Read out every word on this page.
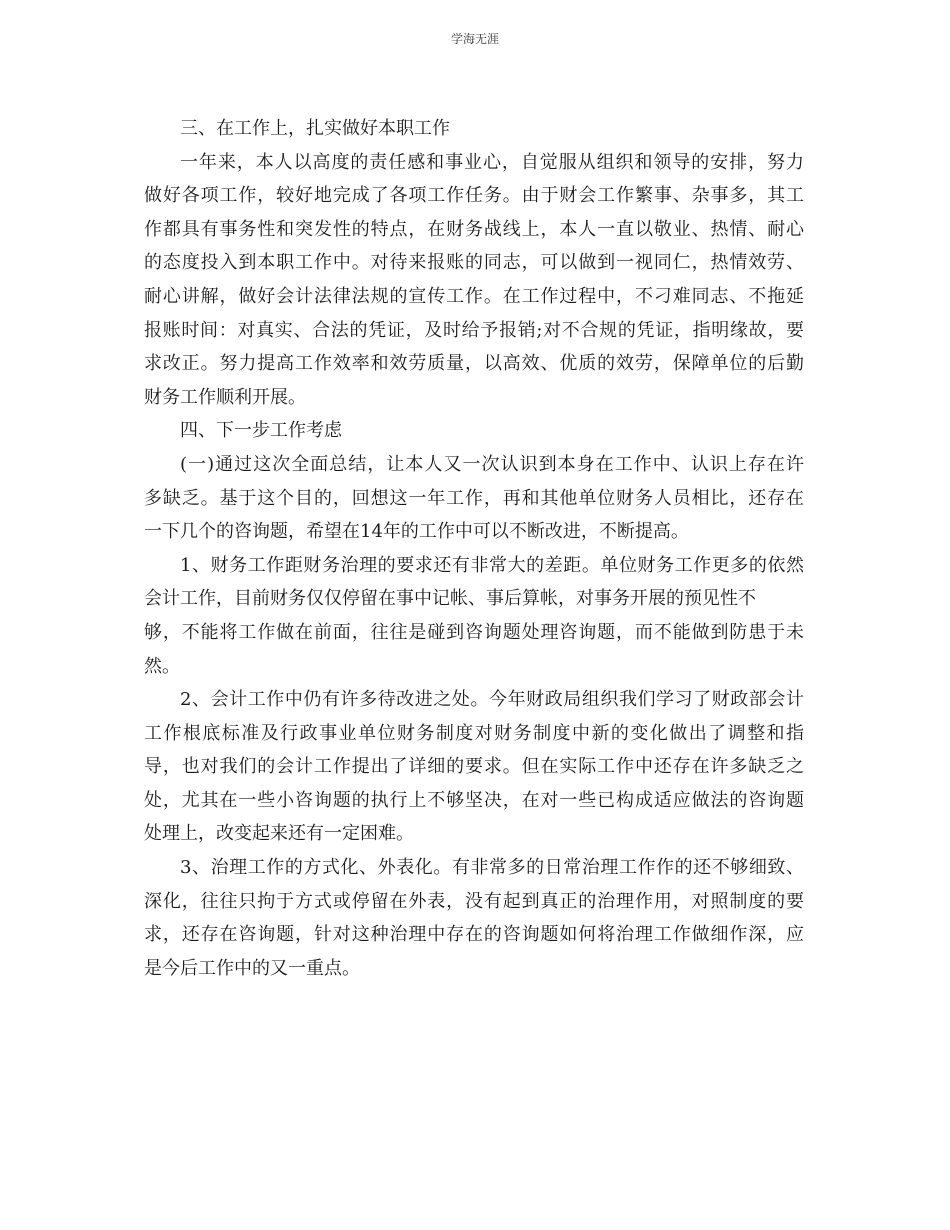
学海无涯
三、在工作上，扎实做好本职工作
一年来，本人以高度的责任感和事业心，自觉服从组织和领导的安排，努力
做好各项工作，较好地完成了各项工作任务。由于财会工作繁事、杂事多，其工
作都具有事务性和突发性的特点，在财务战线上，本人一直以敬业、热情、耐心
的态度投入到本职工作中。对待来报账的同志，可以做到一视同仁，热情效劳、
耐心讲解，做好会计法律法规的宣传工作。在工作过程中，不刁难同志、不拖延
报账时间：对真实、合法的凭证，及时给予报销;对不合规的凭证，指明缘故，要
求改正。努力提高工作效率和效劳质量，以高效、优质的效劳，保障单位的后勤
财务工作顺利开展。
四、下一步工作考虑
(一)通过这次全面总结，让本人又一次认识到本身在工作中、认识上存在许
多缺乏。基于这个目的，回想这一年工作，再和其他单位财务人员相比，还存在
一下几个的咨询题，希望在14年的工作中可以不断改进，不断提高。
1、财务工作距财务治理的要求还有非常大的差距。单位财务工作更多的依然
会计工作，目前财务仅仅停留在事中记帐、事后算帐，对事务开展的预见性不
够，不能将工作做在前面，往往是碰到咨询题处理咨询题，而不能做到防患于未
然。
2、会计工作中仍有许多待改进之处。今年财政局组织我们学习了财政部会计
工作根底标准及行政事业单位财务制度对财务制度中新的变化做出了调整和指
导，也对我们的会计工作提出了详细的要求。但在实际工作中还存在许多缺乏之
处，尤其在一些小咨询题的执行上不够坚决，在对一些已构成适应做法的咨询题
处理上，改变起来还有一定困难。
3、治理工作的方式化、外表化。有非常多的日常治理工作作的还不够细致、
深化，往往只拘于方式或停留在外表，没有起到真正的治理作用，对照制度的要
求，还存在咨询题，针对这种治理中存在的咨询题如何将治理工作做细作深，应
是今后工作中的又一重点。
